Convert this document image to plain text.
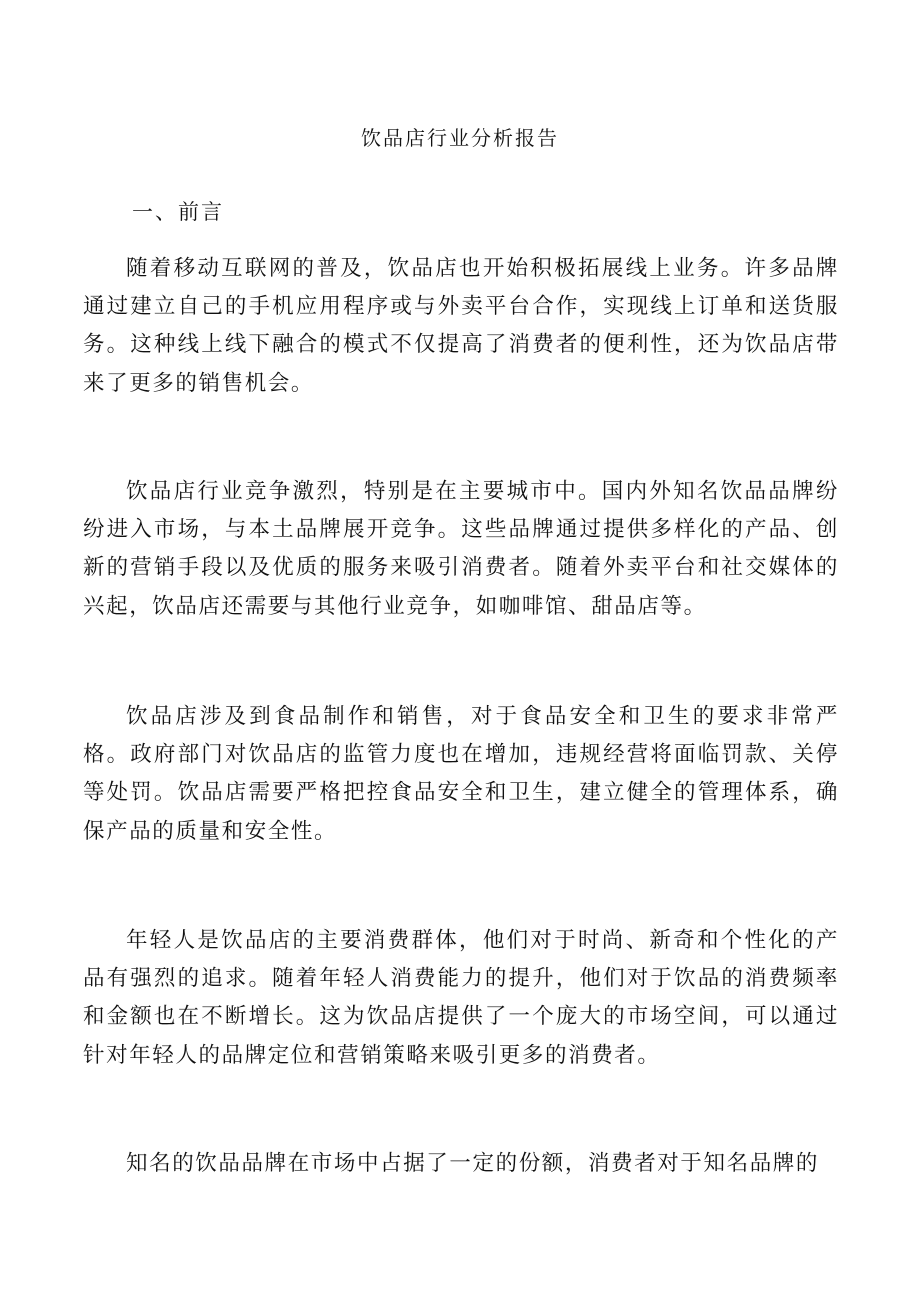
饮品店行业分析报告
一、前言

随着移动互联网的普及，饮品店也开始积极拓展线上业务。许多品牌通过建立自己的手机应用程序或与外卖平台合作，实现线上订单和送货服务。这种线上线下融合的模式不仅提高了消费者的便利性，还为饮品店带来了更多的销售机会。

饮品店行业竞争激烈，特别是在主要城市中。国内外知名饮品品牌纷纷进入市场，与本土品牌展开竞争。这些品牌通过提供多样化的产品、创新的营销手段以及优质的服务来吸引消费者。随着外卖平台和社交媒体的兴起，饮品店还需要与其他行业竞争，如咖啡馆、甜品店等。

饮品店涉及到食品制作和销售，对于食品安全和卫生的要求非常严格。政府部门对饮品店的监管力度也在增加，违规经营将面临罚款、关停等处罚。饮品店需要严格把控食品安全和卫生，建立健全的管理体系，确保产品的质量和安全性。

年轻人是饮品店的主要消费群体，他们对于时尚、新奇和个性化的产品有强烈的追求。随着年轻人消费能力的提升，他们对于饮品的消费频率和金额也在不断增长。这为饮品店提供了一个庞大的市场空间，可以通过针对年轻人的品牌定位和营销策略来吸引更多的消费者。

知名的饮品品牌在市场中占据了一定的份额，消费者对于知名品牌的
